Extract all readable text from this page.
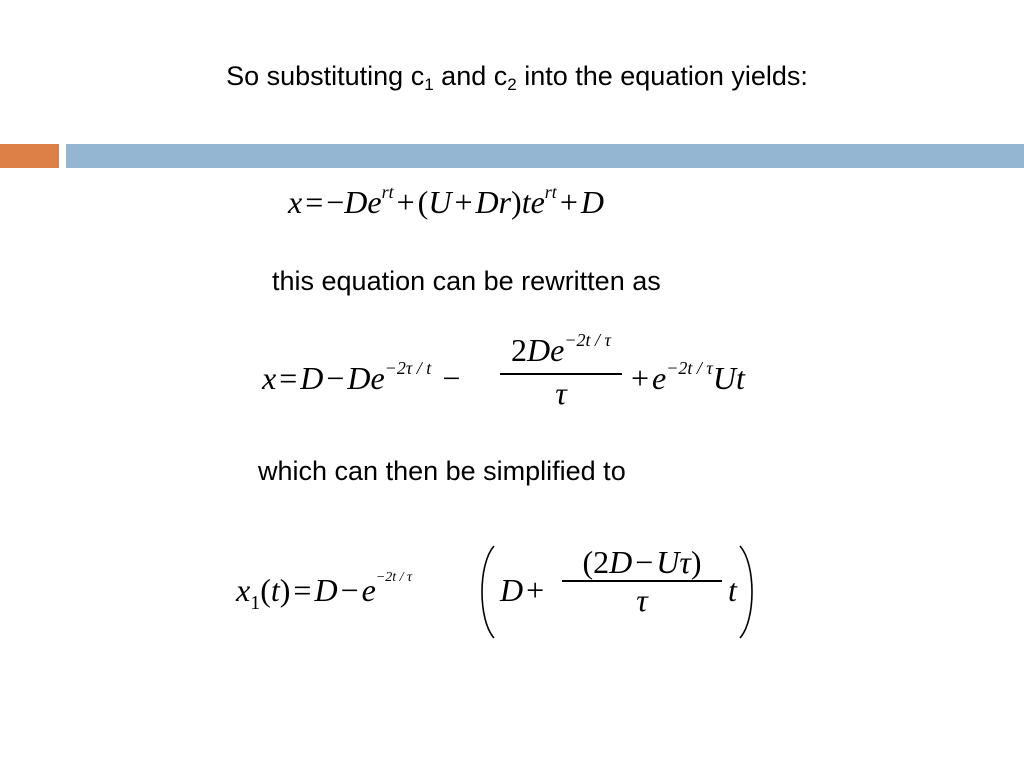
So substituting $c_1$ and $c_2$ into the equation yields:
$x=-De^{rt}+(U+Dr)te^{rt}+D$
this equation can be rewritten as
$x=D-De^{-2\tau / t}$ −
$2De^{-2t / \tau}$
$\tau +e^{-2t / \tau}Ut$
which can then be simplified to
$x_1(t)=D-e^{-2t / \tau}$	D+
(2D−Uτ)
τ	t
